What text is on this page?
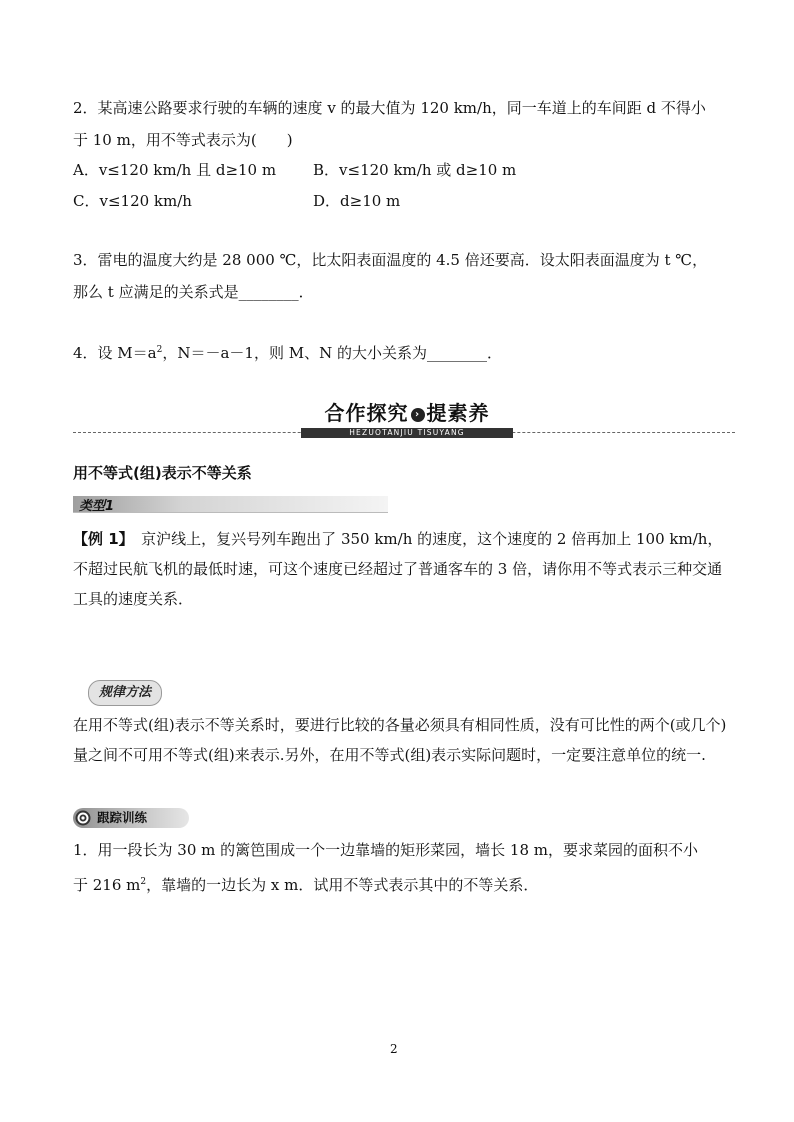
2．某高速公路要求行驶的车辆的速度 v 的最大值为 120 km/h，同一车道上的车间距 d 不得小
于 10 m，用不等式表示为(　　)
A．v≤120 km/h 且 d≥10 m B．v≤120 km/h 或 d≥10 m
C．v≤120 km/h	D．d≥10 m
3．雷电的温度大约是 28 000 ℃，比太阳表面温度的 4.5 倍还要高．设太阳表面温度为 t ℃，
那么 t 应满足的关系式是________．
4．设 $M=a^2$，N＝－a－1，则 M、N 的大小关系为________．
合作探究 › 提素养
HEZUOTANJIU TISUYANG
用不等式(组)表示不等关系
类型1
【例 1】　京沪线上，复兴号列车跑出了 350 km/h 的速度，这个速度的 2 倍再加上 100 km/h，不超过民航飞机的最低时速，可这个速度已经超过了普通客车的 3 倍，请你用不等式表示三种交通工具的速度关系．
规律方法
在用不等式(组)表示不等关系时，要进行比较的各量必须具有相同性质，没有可比性的两个(或几个)量之间不可用不等式(组)来表示.另外，在用不等式(组)表示实际问题时，一定要注意单位的统一.
跟踪训练
1．用一段长为 30 m 的篱笆围成一个一边靠墙的矩形菜园，墙长 18 m，要求菜园的面积不小
于 216 $m^2$，靠墙的一边长为 x m．试用不等式表示其中的不等关系．
2
